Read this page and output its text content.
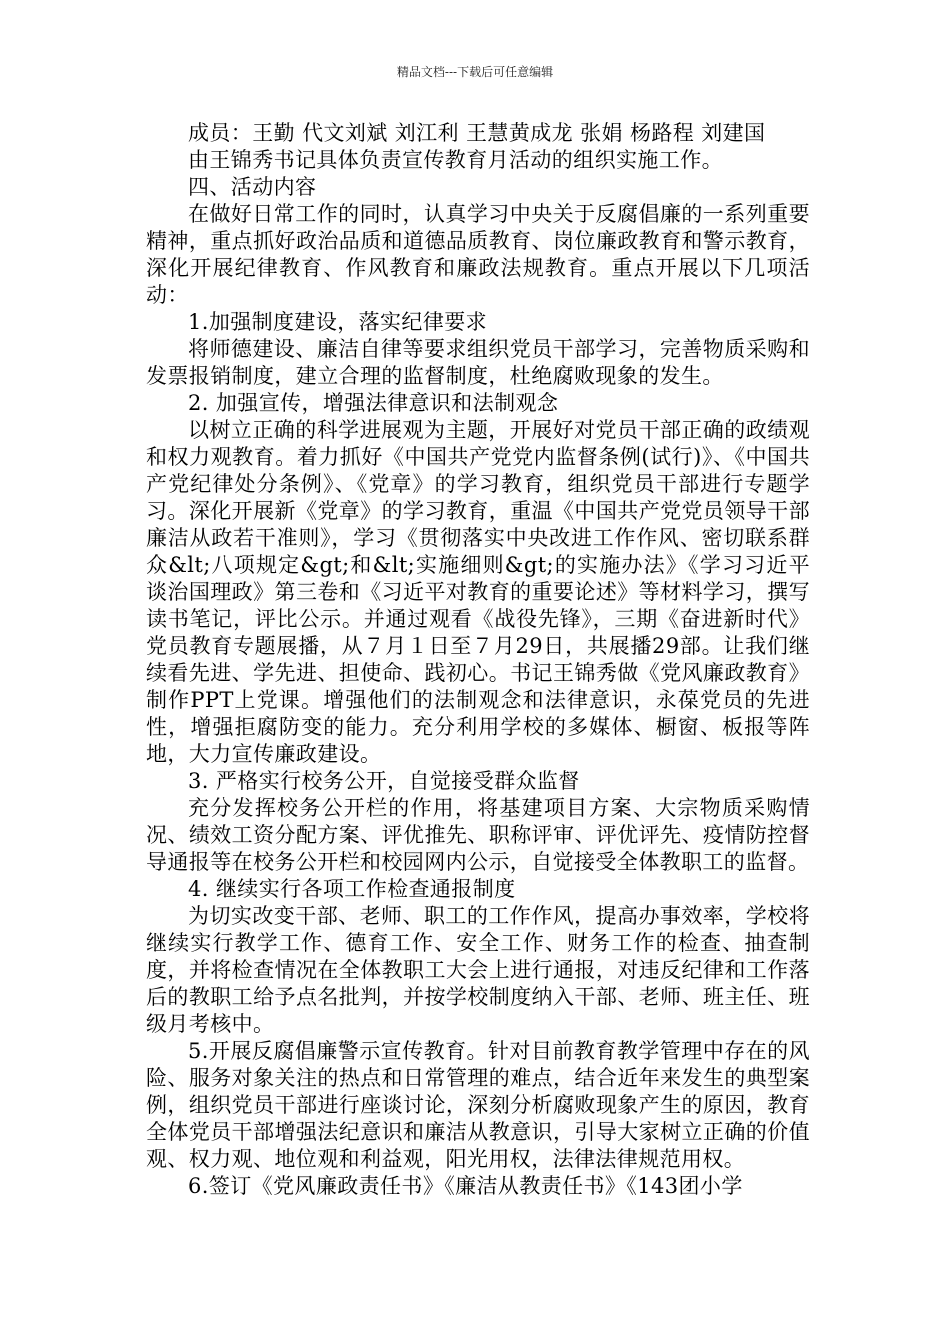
精品文档---下载后可任意编辑

成员：王勤 代文刘斌 刘江利 王慧黄成龙 张娟 杨路程 刘建国

由王锦秀书记具体负责宣传教育月活动的组织实施工作。

四、活动内容

在做好日常工作的同时，认真学习中央关于反腐倡廉的一系列重要精神，重点抓好政治品质和道德品质教育、岗位廉政教育和警示教育，深化开展纪律教育、作风教育和廉政法规教育。重点开展以下几项活动：

1.加强制度建设，落实纪律要求

将师德建设、廉洁自律等要求组织党员干部学习，完善物质采购和发票报销制度，建立合理的监督制度，杜绝腐败现象的发生。

2. 加强宣传，增强法律意识和法制观念

以树立正确的科学进展观为主题，开展好对党员干部正确的政绩观和权力观教育。着力抓好《中国共产党党内监督条例(试行)》、《中国共产党纪律处分条例》、《党章》的学习教育，组织党员干部进行专题学习。深化开展新《党章》的学习教育，重温《中国共产党党员领导干部廉洁从政若干准则》，学习《贯彻落实中央改进工作作风、密切联系群众&lt;八项规定&gt;和&lt;实施细则&gt;的实施办法》《学习习近平谈治国理政》第三卷和《习近平对教育的重要论述》等材料学习，撰写读书笔记，评比公示。并通过观看《战役先锋》，三期《奋进新时代》党员教育专题展播，从７月１日至７月29日，共展播29部。让我们继续看先进、学先进、担使命、践初心。书记王锦秀做《党风廉政教育》制作PPT上党课。增强他们的法制观念和法律意识，永葆党员的先进性，增强拒腐防变的能力。充分利用学校的多媒体、橱窗、板报等阵地，大力宣传廉政建设。

3. 严格实行校务公开，自觉接受群众监督

充分发挥校务公开栏的作用，将基建项目方案、大宗物质采购情况、绩效工资分配方案、评优推先、职称评审、评优评先、疫情防控督导通报等在校务公开栏和校园网内公示，自觉接受全体教职工的监督。

4. 继续实行各项工作检查通报制度

为切实改变干部、老师、职工的工作作风，提高办事效率，学校将继续实行教学工作、德育工作、安全工作、财务工作的检查、抽查制度，并将检查情况在全体教职工大会上进行通报，对违反纪律和工作落后的教职工给予点名批判，并按学校制度纳入干部、老师、班主任、班级月考核中。

5.开展反腐倡廉警示宣传教育。针对目前教育教学管理中存在的风险、服务对象关注的热点和日常管理的难点，结合近年来发生的典型案例，组织党员干部进行座谈讨论，深刻分析腐败现象产生的原因，教育全体党员干部增强法纪意识和廉洁从教意识，引导大家树立正确的价值观、权力观、地位观和利益观，阳光用权，法律法律规范用权。

6.签订《党风廉政责任书》《廉洁从教责任书》《143团小学
